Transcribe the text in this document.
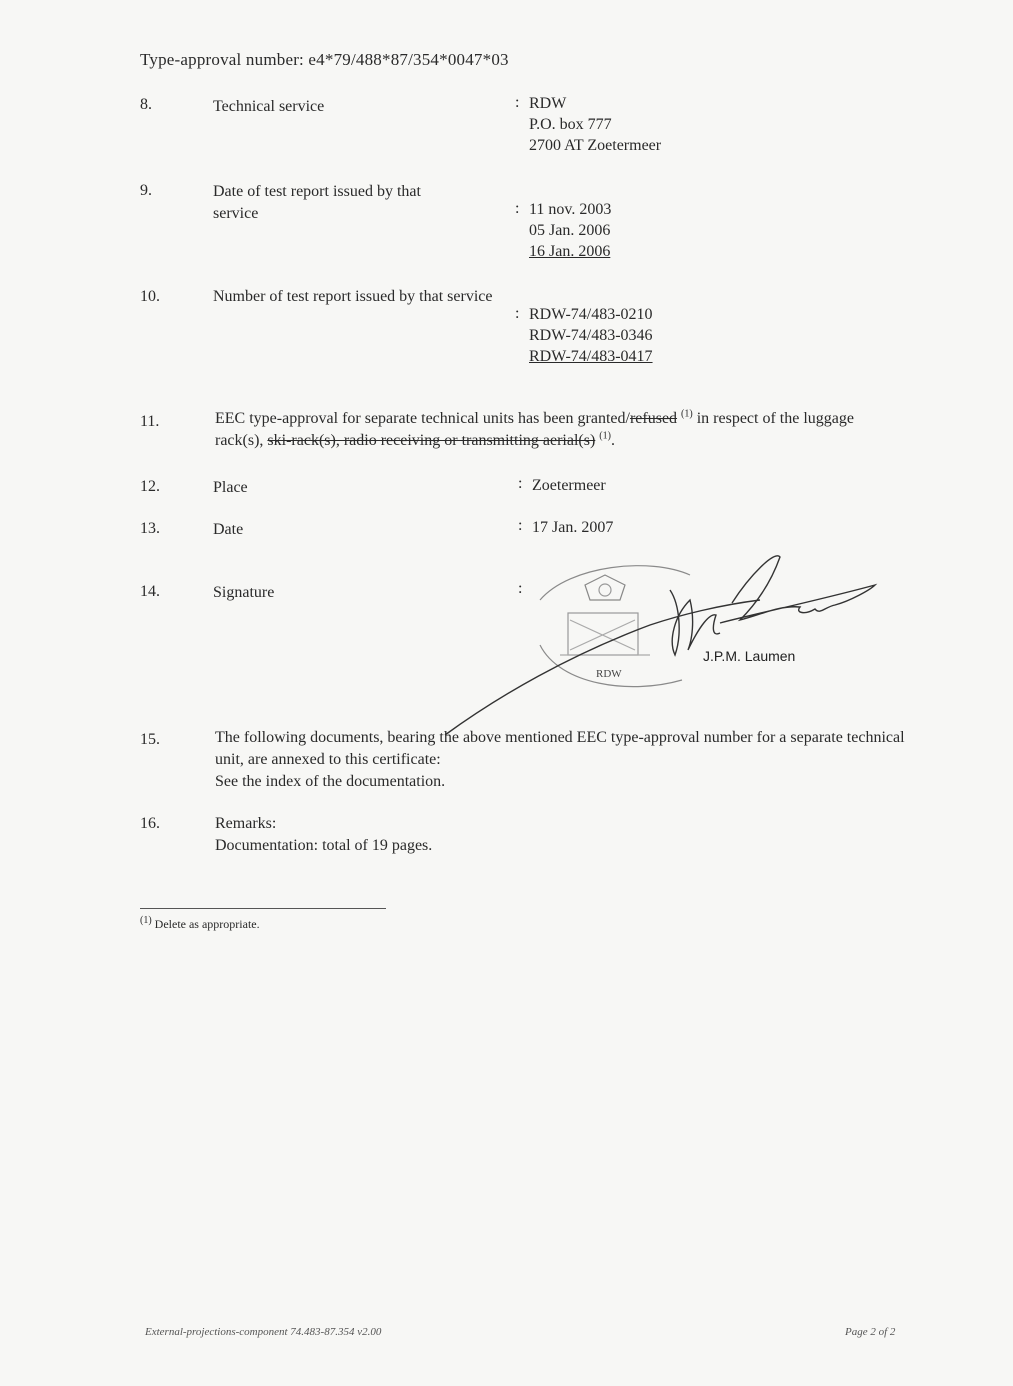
Type-approval number: e4*79/488*87/354*0047*03
8.	Technical service	: RDW
P.O. box 777
2700 AT Zoetermeer
9.	Date of test report issued by that service	: 11 nov. 2003
05 Jan. 2006
16 Jan. 2006
10.	Number of test report issued by that service
: RDW-74/483-0210
RDW-74/483-0346
RDW-74/483-0417
11.	EEC type-approval for separate technical units has been granted/refused $^{(1)}$ in respect of the luggage rack(s), ski-rack(s), radio receiving or transmitting aerial(s) $^{(1)}$.
12.	Place	: Zoetermeer
13.	Date	: 17 Jan. 2007
14.	Signature	:
J.P.M. Laumen
RDW
15.	The following documents, bearing the above mentioned EEC type-approval number for a separate technical unit, are annexed to this certificate:
See the index of the documentation.
16.	Remarks:
Documentation: total of 19 pages.
$^{(1)}$ Delete as appropriate.
External-projections-component 74.483-87.354 v2.00	Page 2 of 2
